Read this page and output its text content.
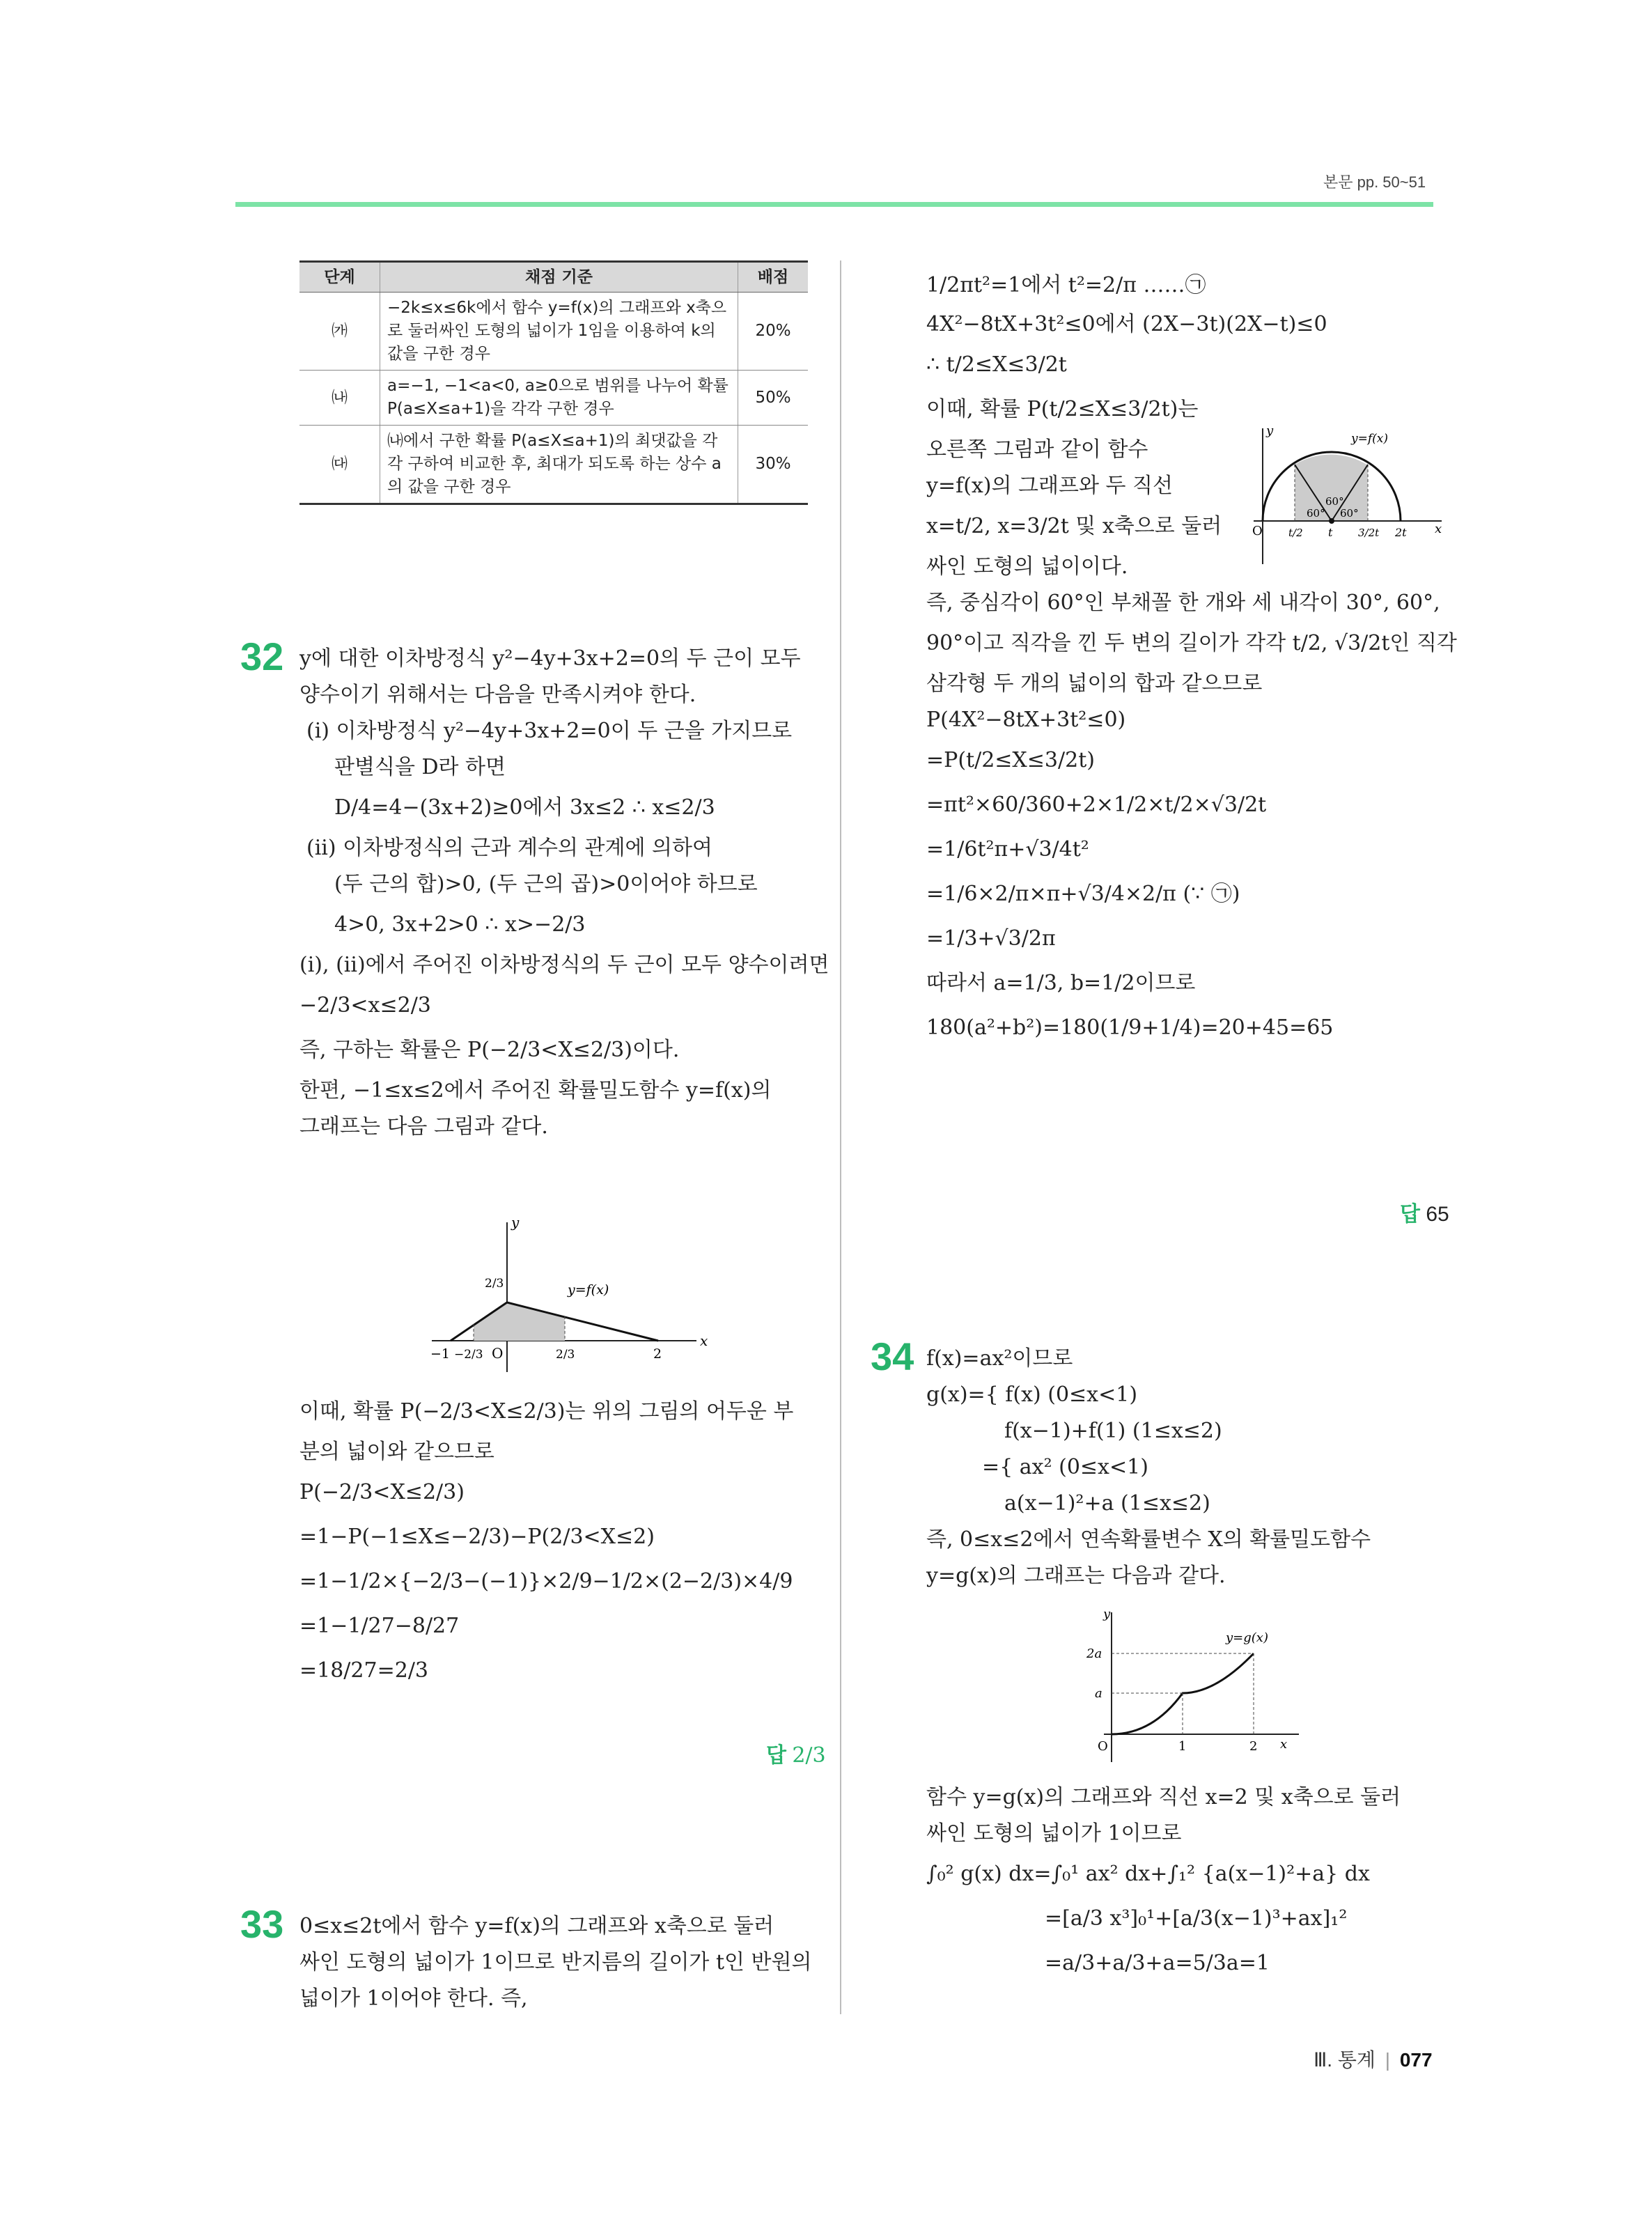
본문 pp. 50~51
단계	채점 기준	배점
㈎	−2k≤x≤6k에서 함수 y=f(x)의 그래프와 x축으로 둘러싸인 도형의 넓이가 1임을 이용하여 k의 값을 구한 경우	20%
㈏	a=−1, −1<a<0, a≥0으로 범위를 나누어 확률 P(a≤X≤a+1)을 각각 구한 경우	50%
㈐	㈏에서 구한 확률 P(a≤X≤a+1)의 최댓값을 각각 구하여 비교한 후, 최대가 되도록 하는 상수 a의 값을 구한 경우	30%
32 y에 대한 이차방정식 y²−4y+3x+2=0의 두 근이 모두
양수이기 위해서는 다음을 만족시켜야 한다.
(i) 이차방정식 y²−4y+3x+2=0이 두 근을 가지므로
판별식을 D라 하면
D/4=4−(3x+2)≥0에서 3x≤2 ∴ x≤2/3
(ii) 이차방정식의 근과 계수의 관계에 의하여
(두 근의 합)>0, (두 근의 곱)>0이어야 하므로
4>0, 3x+2>0 ∴ x>−2/3
(i), (ii)에서 주어진 이차방정식의 두 근이 모두 양수이려면
−2/3<x≤2/3
즉, 구하는 확률은 P(−2/3<X≤2/3)이다.
한편, −1≤x≤2에서 주어진 확률밀도함수 y=f(x)의
그래프는 다음 그림과 같다.
y
x
O
2/3	y=f(x)
−1 −2/3	2/3	2
이때, 확률 P(−2/3<X≤2/3)는 위의 그림의 어두운 부
분의 넓이와 같으므로
P(−2/3<X≤2/3)
=1−P(−1≤X≤−2/3)−P(2/3<X≤2)
=1−1/2×{−2/3−(−1)}×2/9−1/2×(2−2/3)×4/9
=1−1/27−8/27
=18/27=2/3
답 2/3
33 0≤x≤2t에서 함수 y=f(x)의 그래프와 x축으로 둘러
싸인 도형의 넓이가 1이므로 반지름의 길이가 t인 반원의
넓이가 1이어야 한다. 즉,
1/2πt²=1에서 t²=2/π ……㉠
4X²−8tX+3t²≤0에서 (2X−3t)(2X−t)≤0
∴ t/2≤X≤3/2t
이때, 확률 P(t/2≤X≤3/2t)는
오른쪽 그림과 같이 함수
y=f(x)의 그래프와 두 직선
x=t/2, x=3/2t 및 x축으로 둘러
싸인 도형의 넓이이다.
즉, 중심각이 60°인 부채꼴 한 개와 세 내각이 30°, 60°,
90°이고 직각을 낀 두 변의 길이가 각각 t/2, √3/2t인 직각
삼각형 두 개의 넓이의 합과 같으므로
P(4X²−8tX+3t²≤0)
=P(t/2≤X≤3/2t)
=πt²×60/360+2×1/2×t/2×√3/2t
=1/6t²π+√3/4t²
=1/6×2/π×π+√3/4×2/π (∵ ㉠)
=1/3+√3/2π
따라서 a=1/3, b=1/2이므로
180(a²+b²)=180(1/9+1/4)=20+45=65
답 65
y
x
O
y=f(x)
60°
60°
60°
t/2 t 3/2t 2t
34 f(x)=ax²이므로
g(x)={ f(x) (0≤x<1)
f(x−1)+f(1) (1≤x≤2)
={ ax² (0≤x<1)
a(x−1)²+a (1≤x≤2)
즉, 0≤x≤2에서 연속확률변수 X의 확률밀도함수
y=g(x)의 그래프는 다음과 같다.
y
x
O
2a
a
1	2
y=g(x)
함수 y=g(x)의 그래프와 직선 x=2 및 x축으로 둘러
싸인 도형의 넓이가 1이므로
∫₀² g(x) dx=∫₀¹ ax² dx+∫₁² {a(x−1)²+a} dx
=[a/3 x³]₀¹+[a/3(x−1)³+ax]₁²
=a/3+a/3+a=5/3a=1
Ⅲ. 통계 | 077
